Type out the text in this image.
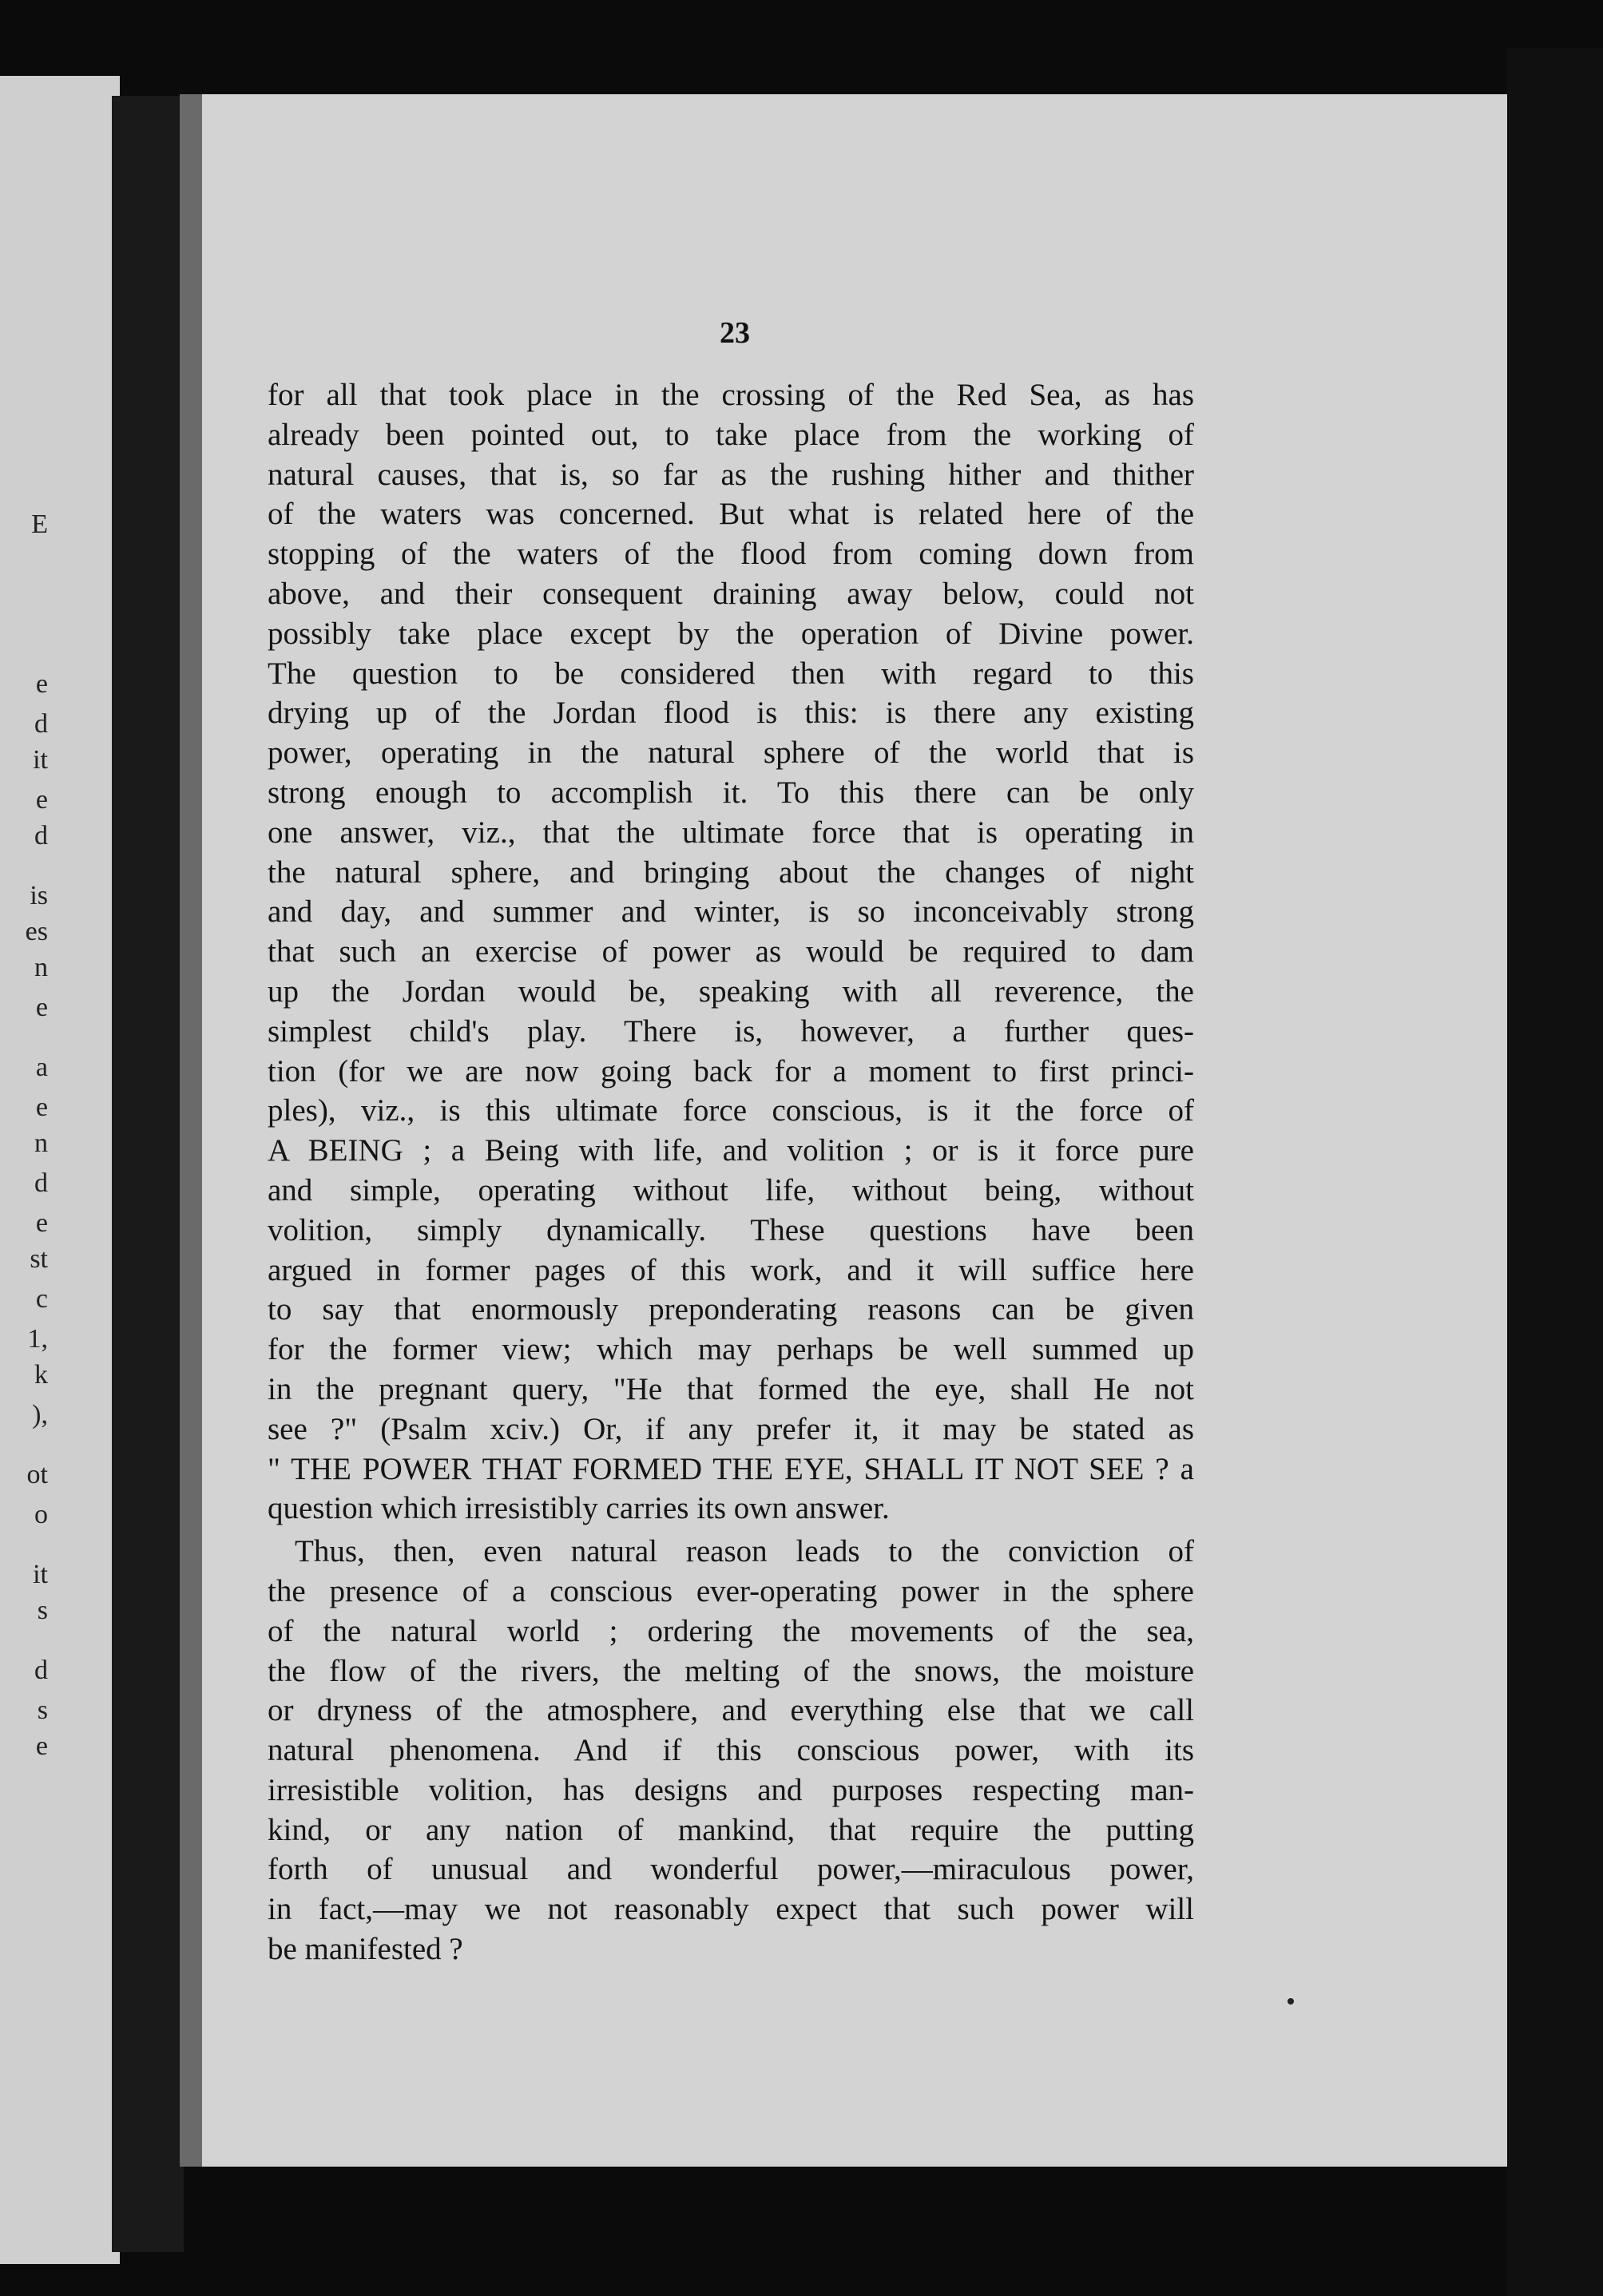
E
e
d
it
e
d
is
es
n
e
a
e
n
d
e
st
c
1,
k
),
ot
o
it
s
d
s
e
23
for all that took place in the crossing of the Red Sea, as has
already been pointed out, to take place from the working of
natural causes, that is, so far as the rushing hither and thither
of the waters was concerned. But what is related here of the
stopping of the waters of the flood from coming down from
above, and their consequent draining away below, could not
possibly take place except by the operation of Divine power.
The question to be considered then with regard to this
drying up of the Jordan flood is this: is there any existing
power, operating in the natural sphere of the world that is
strong enough to accomplish it. To this there can be only
one answer, viz., that the ultimate force that is operating in
the natural sphere, and bringing about the changes of night
and day, and summer and winter, is so inconceivably strong
that such an exercise of power as would be required to dam
up the Jordan would be, speaking with all reverence, the
simplest child's play. There is, however, a further ques-
tion (for we are now going back for a moment to first princi-
ples), viz., is this ultimate force conscious, is it the force of
A BEING ; a Being with life, and volition ; or is it force pure
and simple, operating without life, without being, without
volition, simply dynamically. These questions have been
argued in former pages of this work, and it will suffice here
to say that enormously preponderating reasons can be given
for the former view; which may perhaps be well summed up
in the pregnant query, "He that formed the eye, shall He not
see ?" (Psalm xciv.) Or, if any prefer it, it may be stated as
" THE POWER THAT FORMED THE EYE, SHALL IT NOT SEE ? a
question which irresistibly carries its own answer.
Thus, then, even natural reason leads to the conviction of
the presence of a conscious ever-operating power in the sphere
of the natural world ; ordering the movements of the sea,
the flow of the rivers, the melting of the snows, the moisture
or dryness of the atmosphere, and everything else that we call
natural phenomena. And if this conscious power, with its
irresistible volition, has designs and purposes respecting man-
kind, or any nation of mankind, that require the putting
forth of unusual and wonderful power,—miraculous power,
in fact,—may we not reasonably expect that such power will
be manifested ?
